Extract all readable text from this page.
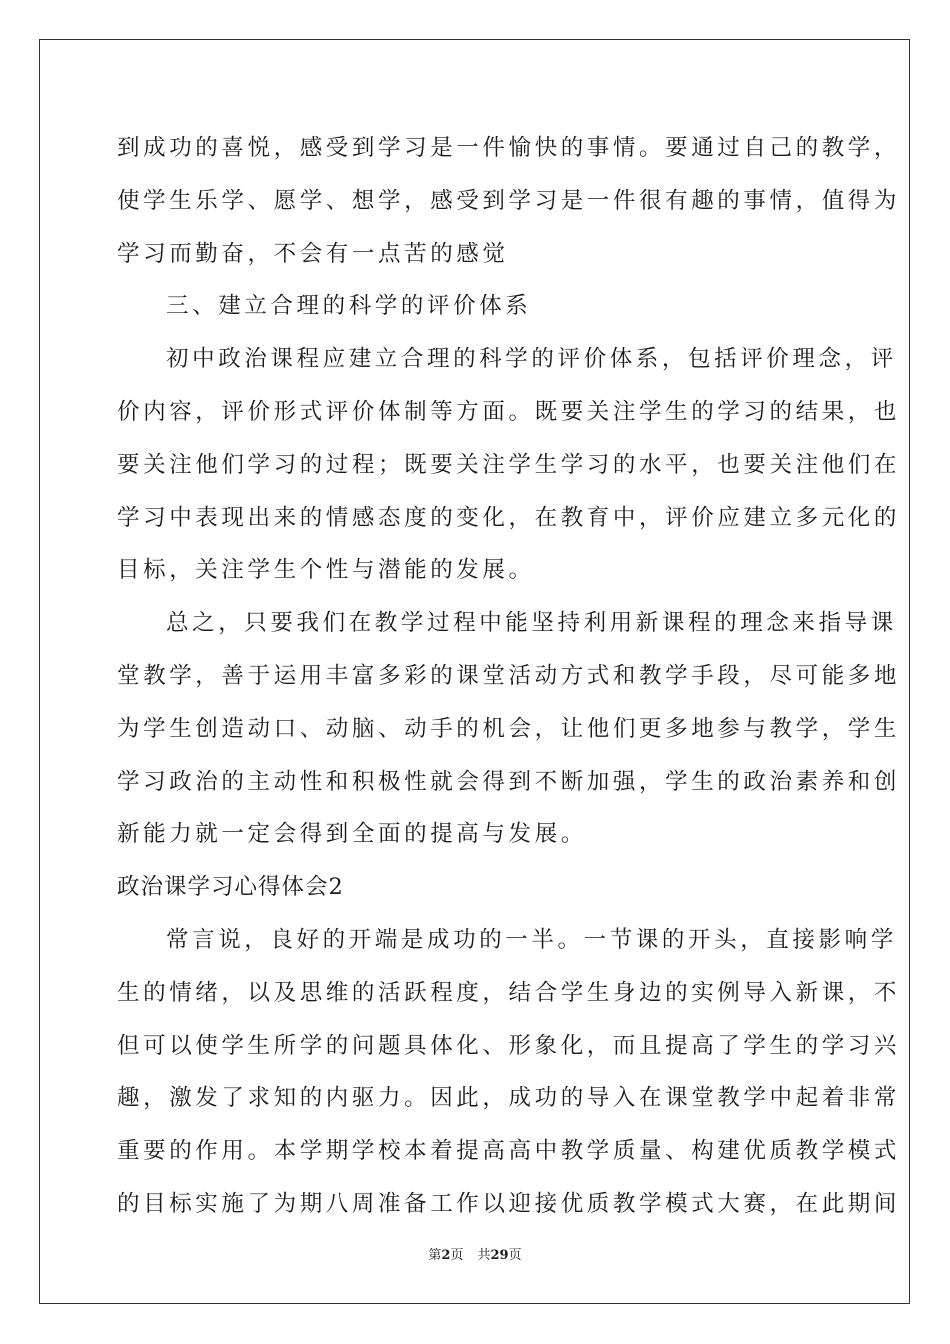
到成功的喜悦，感受到学习是一件愉快的事情。要通过自己的教学，
使学生乐学、愿学、想学，感受到学习是一件很有趣的事情，值得为
学习而勤奋，不会有一点苦的感觉
三、建立合理的科学的评价体系
初中政治课程应建立合理的科学的评价体系，包括评价理念，评
价内容，评价形式评价体制等方面。既要关注学生的学习的结果，也
要关注他们学习的过程；既要关注学生学习的水平，也要关注他们在
学习中表现出来的情感态度的变化，在教育中，评价应建立多元化的
目标，关注学生个性与潜能的发展。
总之，只要我们在教学过程中能坚持利用新课程的理念来指导课
堂教学，善于运用丰富多彩的课堂活动方式和教学手段，尽可能多地
为学生创造动口、动脑、动手的机会，让他们更多地参与教学，学生
学习政治的主动性和积极性就会得到不断加强，学生的政治素养和创
新能力就一定会得到全面的提高与发展。
政治课学习心得体会2
常言说，良好的开端是成功的一半。一节课的开头，直接影响学
生的情绪，以及思维的活跃程度，结合学生身边的实例导入新课，不
但可以使学生所学的问题具体化、形象化，而且提高了学生的学习兴
趣，激发了求知的内驱力。因此，成功的导入在课堂教学中起着非常
重要的作用。本学期学校本着提高高中教学质量、构建优质教学模式
的目标实施了为期八周准备工作以迎接优质教学模式大赛，在此期间
第2页 共29页
